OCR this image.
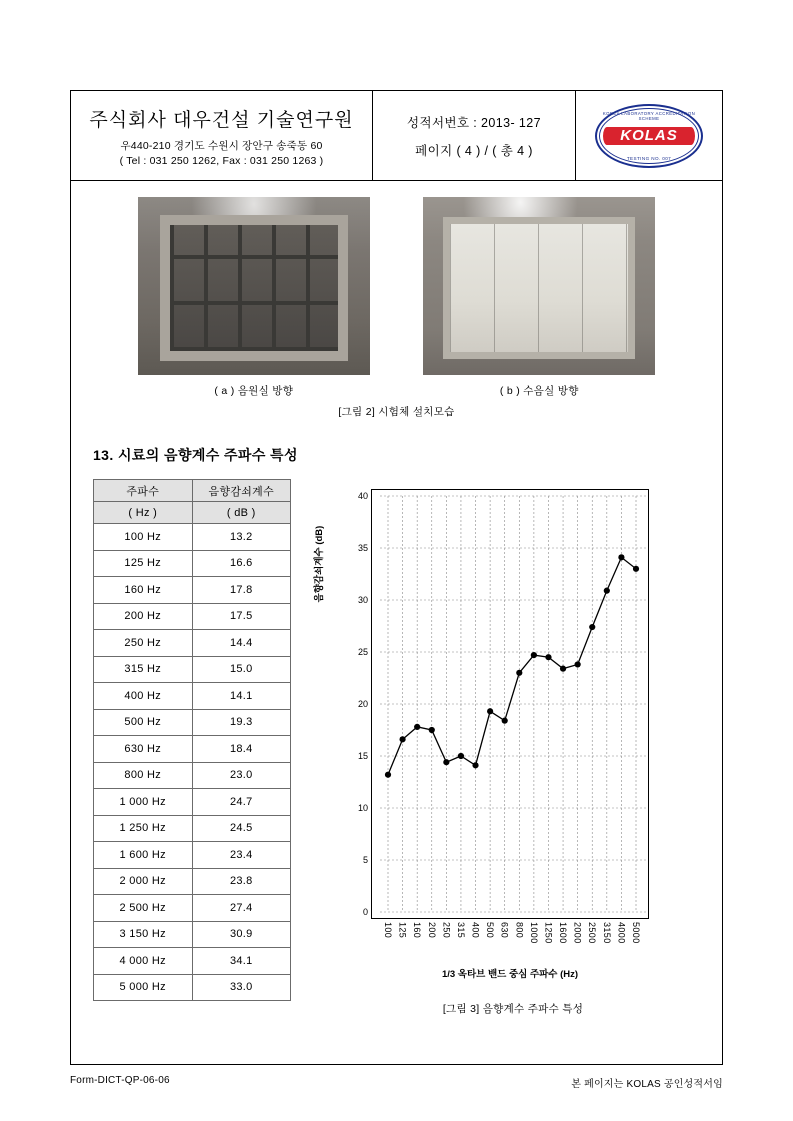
주식회사 대우건설 기술연구원
우440-210 경기도 수원시 장안구 송죽동 60
( Tel : 031 250 1262, Fax : 031 250 1263 )
성적서번호 : 2013- 127
페이지 ( 4 ) / ( 총 4 )
KOREA LABORATORY ACCREDITATION SCHEME
KOLAS
TESTING NO. 007
( a ) 음원실 방향	( b ) 수음실 방향
[그림 2] 시험체 설치모습
13. 시료의 음향계수 주파수 특성
주파수	음향감쇠계수
( Hz )	( dB )
100 Hz	13.2
125 Hz	16.6
160 Hz	17.8
200 Hz	17.5
250 Hz	14.4
315 Hz	15.0
400 Hz	14.1
500 Hz	19.3
630 Hz	18.4
800 Hz	23.0
1 000 Hz	24.7
1 250 Hz	24.5
1 600 Hz	23.4
2 000 Hz	23.8
2 500 Hz	27.4
3 150 Hz	30.9
4 000 Hz	34.1
5 000 Hz	33.0
음향감쇠계수 (dB)
0
5
10
15
20
25
30
35
40
100 125 160 200 250 315 400 500 630 800 1000 1250 1600 2000 2500 3150 4000 5000
1/3 옥타브 밴드 중심 주파수 (Hz)
[그림 3] 음향계수 주파수 특성
Form-DICT-QP-06-06	본 페이지는 KOLAS 공인성적서임
